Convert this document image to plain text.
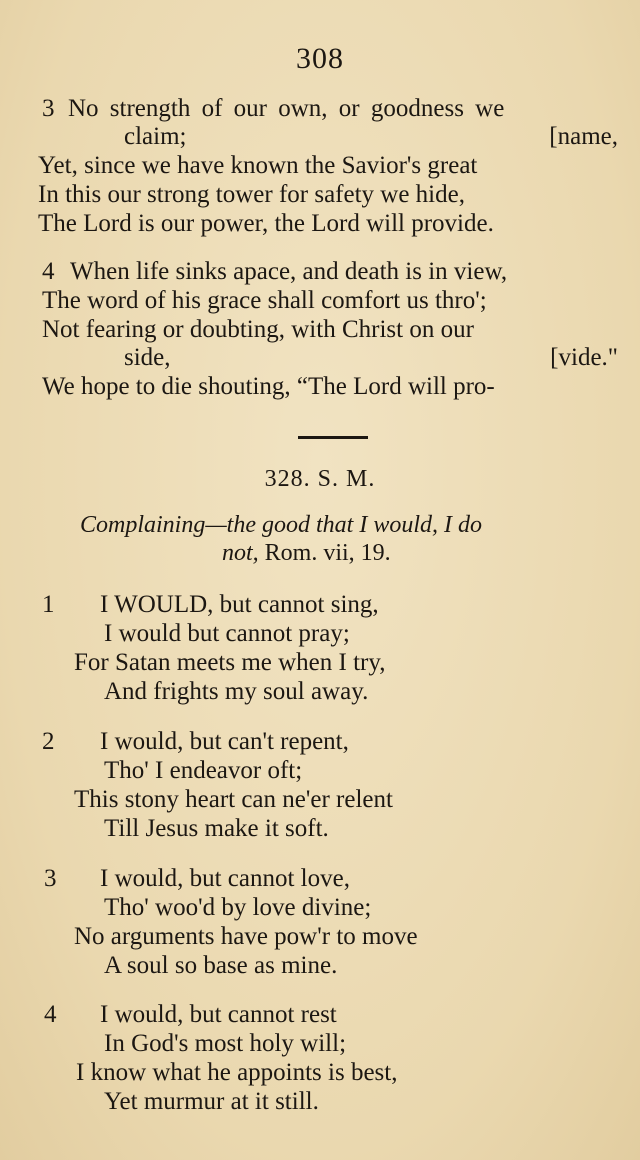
308
3 No strength of our own, or goodness we
claim;	[name,
Yet, since we have known the Savior's great
In this our strong tower for safety we hide,
The Lord is our power, the Lord will provide.
4 When life sinks apace, and death is in view,
The word of his grace shall comfort us thro';
Not fearing or doubting, with Christ on our
side,	[vide."
We hope to die shouting, “The Lord will pro-
328. S. M.
Complaining—the good that I would, I do
not, Rom. vii, 19.
1 I WOULD, but cannot sing,
I would but cannot pray;
For Satan meets me when I try,
And frights my soul away.
2 I would, but can't repent,
Tho' I endeavor oft;
This stony heart can ne'er relent
Till Jesus make it soft.
3 I would, but cannot love,
Tho' woo'd by love divine;
No arguments have pow'r to move
A soul so base as mine.
4 I would, but cannot rest
In God's most holy will;
I know what he appoints is best,
Yet murmur at it still.
